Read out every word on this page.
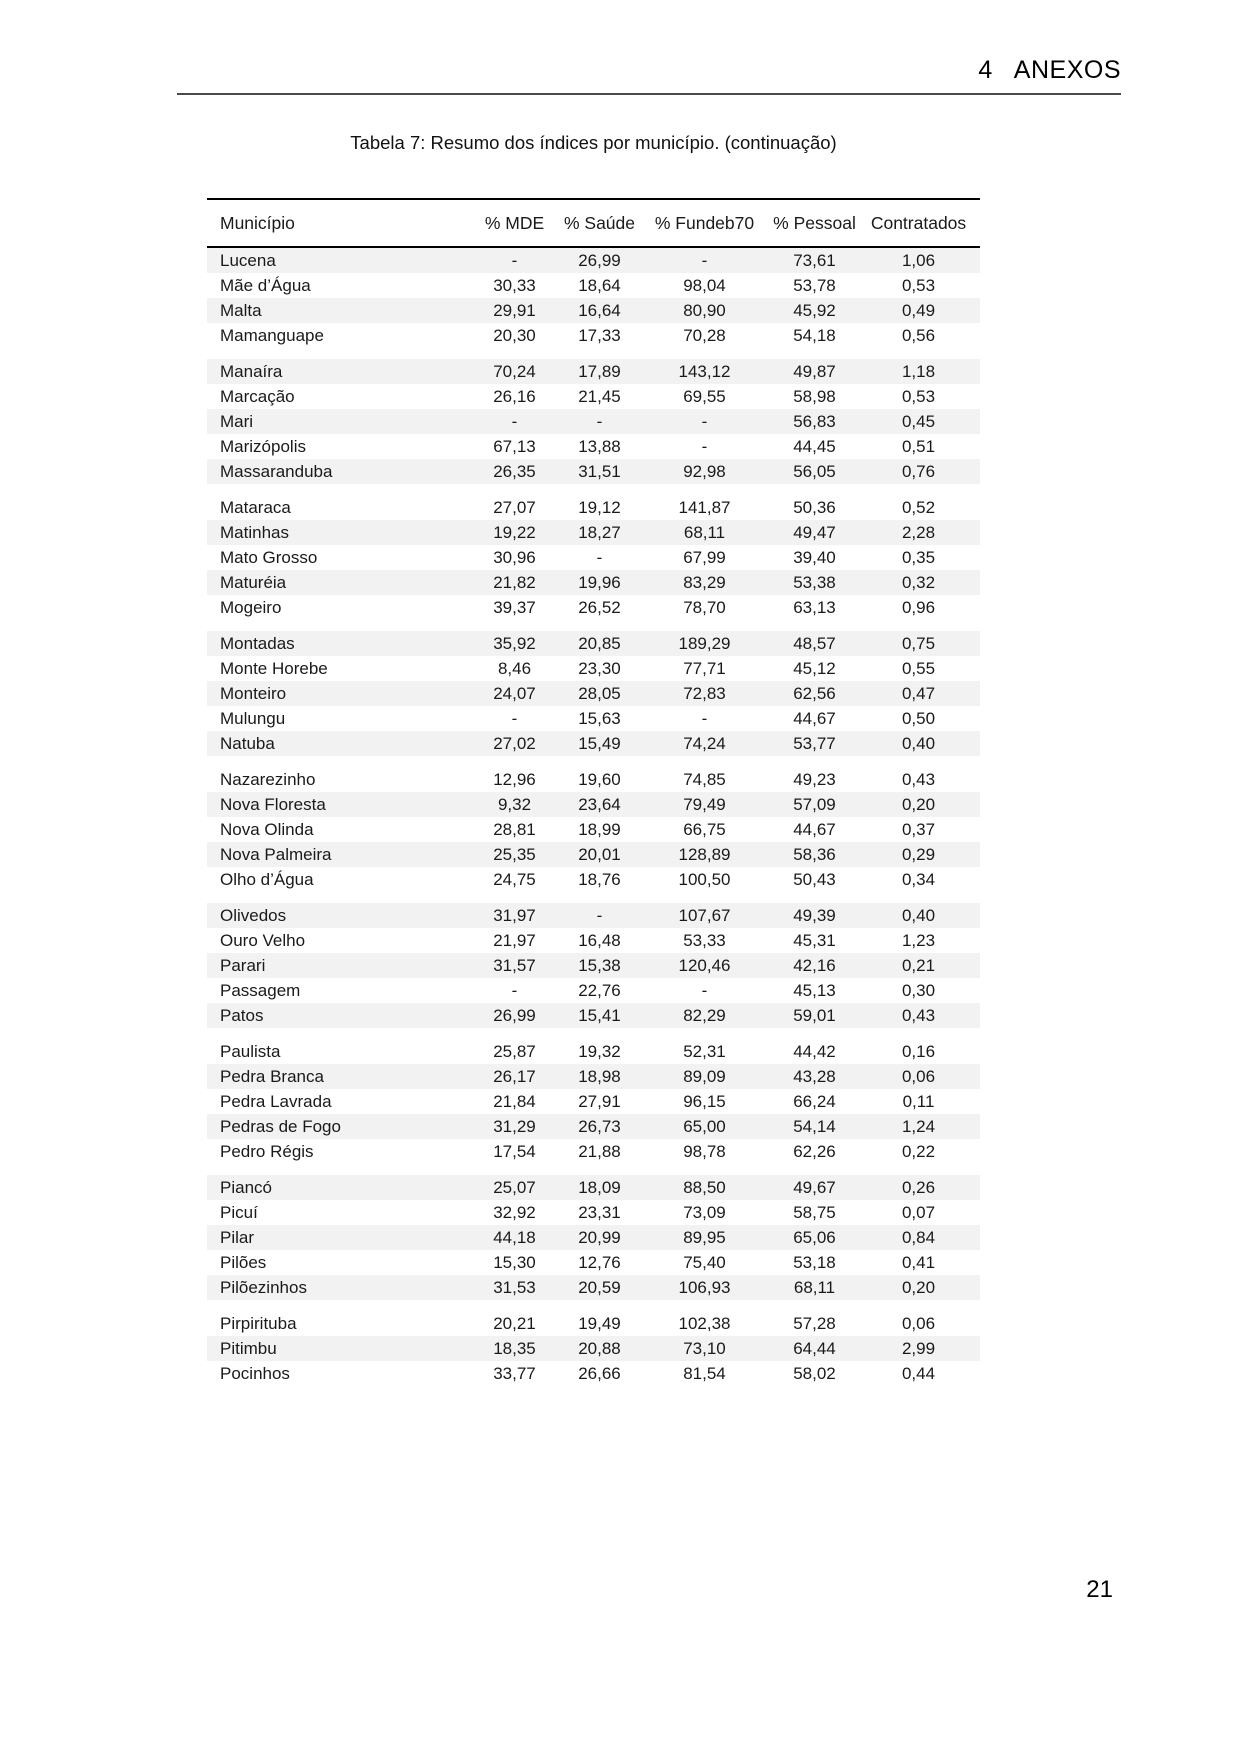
4 ANEXOS
Tabela 7: Resumo dos índices por município. (continuação)
Município	% MDE	% Saúde	% Fundeb70	% Pessoal	Contratados
Lucena	-	26,99	-	73,61	1,06
Mãe d’Água	30,33	18,64	98,04	53,78	0,53
Malta	29,91	16,64	80,90	45,92	0,49
Mamanguape	20,30	17,33	70,28	54,18	0,56

Manaíra	70,24	17,89	143,12	49,87	1,18
Marcação	26,16	21,45	69,55	58,98	0,53
Mari	-	-	-	56,83	0,45
Marizópolis	67,13	13,88	-	44,45	0,51
Massaranduba	26,35	31,51	92,98	56,05	0,76

Mataraca	27,07	19,12	141,87	50,36	0,52
Matinhas	19,22	18,27	68,11	49,47	2,28
Mato Grosso	30,96	-	67,99	39,40	0,35
Maturéia	21,82	19,96	83,29	53,38	0,32
Mogeiro	39,37	26,52	78,70	63,13	0,96

Montadas	35,92	20,85	189,29	48,57	0,75
Monte Horebe	8,46	23,30	77,71	45,12	0,55
Monteiro	24,07	28,05	72,83	62,56	0,47
Mulungu	-	15,63	-	44,67	0,50
Natuba	27,02	15,49	74,24	53,77	0,40

Nazarezinho	12,96	19,60	74,85	49,23	0,43
Nova Floresta	9,32	23,64	79,49	57,09	0,20
Nova Olinda	28,81	18,99	66,75	44,67	0,37
Nova Palmeira	25,35	20,01	128,89	58,36	0,29
Olho d’Água	24,75	18,76	100,50	50,43	0,34

Olivedos	31,97	-	107,67	49,39	0,40
Ouro Velho	21,97	16,48	53,33	45,31	1,23
Parari	31,57	15,38	120,46	42,16	0,21
Passagem	-	22,76	-	45,13	0,30
Patos	26,99	15,41	82,29	59,01	0,43

Paulista	25,87	19,32	52,31	44,42	0,16
Pedra Branca	26,17	18,98	89,09	43,28	0,06
Pedra Lavrada	21,84	27,91	96,15	66,24	0,11
Pedras de Fogo	31,29	26,73	65,00	54,14	1,24
Pedro Régis	17,54	21,88	98,78	62,26	0,22

Piancó	25,07	18,09	88,50	49,67	0,26
Picuí	32,92	23,31	73,09	58,75	0,07
Pilar	44,18	20,99	89,95	65,06	0,84
Pilões	15,30	12,76	75,40	53,18	0,41
Pilõezinhos	31,53	20,59	106,93	68,11	0,20

Pirpirituba	20,21	19,49	102,38	57,28	0,06
Pitimbu	18,35	20,88	73,10	64,44	2,99
Pocinhos	33,77	26,66	81,54	58,02	0,44
21
